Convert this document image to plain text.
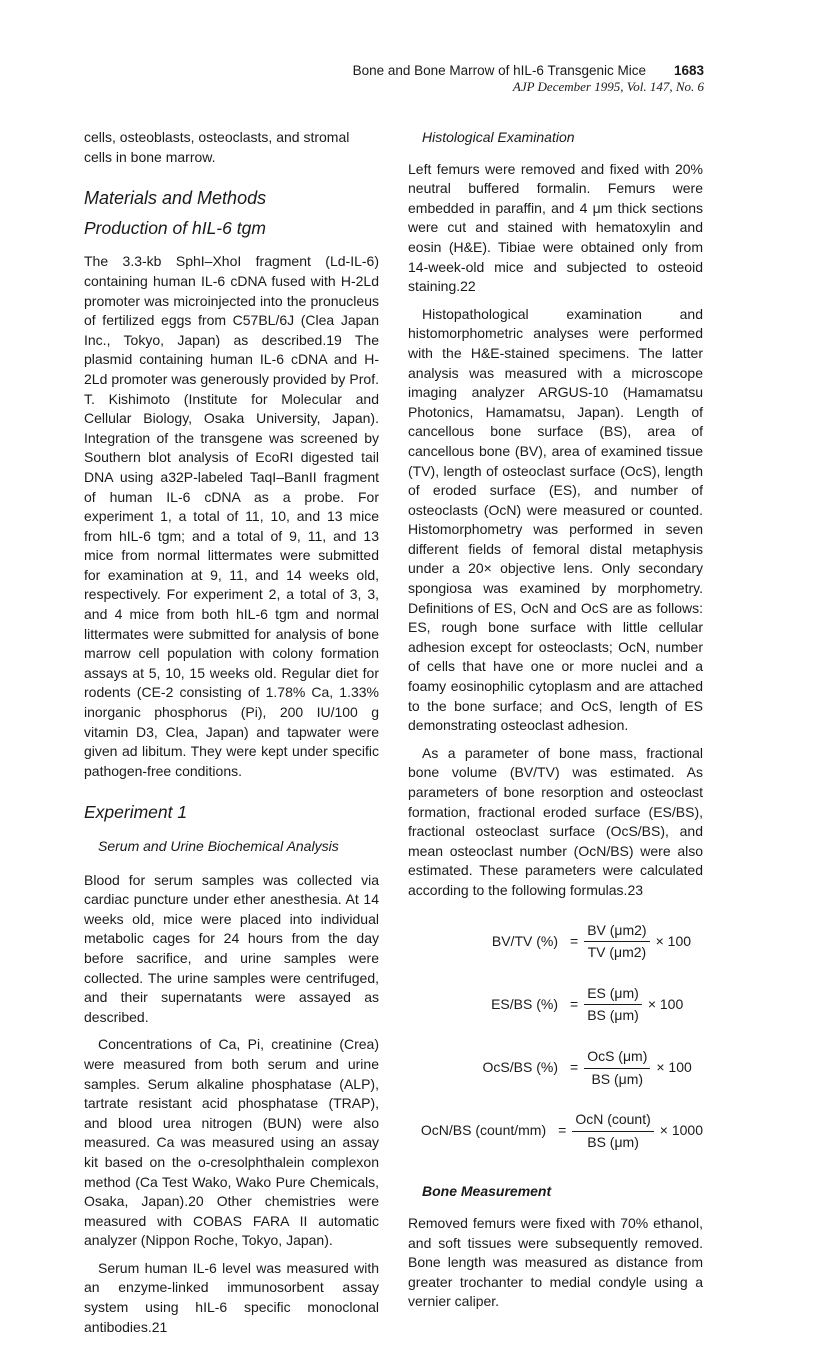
Bone and Bone Marrow of hIL-6 Transgenic Mice 1683
AJP December 1995, Vol. 147, No. 6

cells, osteoblasts, osteoclasts, and stromal cells in bone marrow.

Materials and Methods
Production of hIL-6 tgm

The 3.3-kb SphI–XhoI fragment (Ld-IL-6) containing human IL-6 cDNA fused with H-2Ld promoter was microinjected into the pronucleus of fertilized eggs from C57BL/6J (Clea Japan Inc., Tokyo, Japan) as described.19 The plasmid containing human IL-6 cDNA and H-2Ld promoter was generously provided by Prof. T. Kishimoto (Institute for Molecular and Cellular Biology, Osaka University, Japan). Integration of the transgene was screened by Southern blot analysis of EcoRI digested tail DNA using a32P-labeled TaqI–BanII fragment of human IL-6 cDNA as a probe. For experiment 1, a total of 11, 10, and 13 mice from hIL-6 tgm; and a total of 9, 11, and 13 mice from normal littermates were submitted for examination at 9, 11, and 14 weeks old, respectively. For experiment 2, a total of 3, 3, and 4 mice from both hIL-6 tgm and normal littermates were submitted for analysis of bone marrow cell population with colony formation assays at 5, 10, 15 weeks old. Regular diet for rodents (CE-2 consisting of 1.78% Ca, 1.33% inorganic phosphorus (Pi), 200 IU/100 g vitamin D3, Clea, Japan) and tapwater were given ad libitum. They were kept under specific pathogen-free conditions.

Experiment 1
Serum and Urine Biochemical Analysis

Blood for serum samples was collected via cardiac puncture under ether anesthesia. At 14 weeks old, mice were placed into individual metabolic cages for 24 hours from the day before sacrifice, and urine samples were collected. The urine samples were centrifuged, and their supernatants were assayed as described.

Concentrations of Ca, Pi, creatinine (Crea) were measured from both serum and urine samples. Serum alkaline phosphatase (ALP), tartrate resistant acid phosphatase (TRAP), and blood urea nitrogen (BUN) were also measured. Ca was measured using an assay kit based on the o-cresolphthalein complexon method (Ca Test Wako, Wako Pure Chemicals, Osaka, Japan).20 Other chemistries were measured with COBAS FARA II automatic analyzer (Nippon Roche, Tokyo, Japan).

Serum human IL-6 level was measured with an enzyme-linked immunosorbent assay system using hIL-6 specific monoclonal antibodies.21

Histological Examination

Left femurs were removed and fixed with 20% neutral buffered formalin. Femurs were embedded in paraffin, and 4 μm thick sections were cut and stained with hematoxylin and eosin (H&E). Tibiae were obtained only from 14-week-old mice and subjected to osteoid staining.22

Histopathological examination and histomorphometric analyses were performed with the H&E-stained specimens. The latter analysis was measured with a microscope imaging analyzer ARGUS-10 (Hamamatsu Photonics, Hamamatsu, Japan). Length of cancellous bone surface (BS), area of cancellous bone (BV), area of examined tissue (TV), length of osteoclast surface (OcS), length of eroded surface (ES), and number of osteoclasts (OcN) were measured or counted. Histomorphometry was performed in seven different fields of femoral distal metaphysis under a 20× objective lens. Only secondary spongiosa was examined by morphometry. Definitions of ES, OcN and OcS are as follows: ES, rough bone surface with little cellular adhesion except for osteoclasts; OcN, number of cells that have one or more nuclei and a foamy eosinophilic cytoplasm and are attached to the bone surface; and OcS, length of ES demonstrating osteoclast adhesion.

As a parameter of bone mass, fractional bone volume (BV/TV) was estimated. As parameters of bone resorption and osteoclast formation, fractional eroded surface (ES/BS), fractional osteoclast surface (OcS/BS), and mean osteoclast number (OcN/BS) were also estimated. These parameters were calculated according to the following formulas.23

BV/TV (%) = $\frac{BV (\mu m2)}{TV (\mu m2)} \times 100$
ES/BS (%) = $\frac{ES (\mu m)}{BS (\mu m)} \times 100$
OcS/BS (%) = $\frac{\text{OcS (μm)}}{BS (\mu m)} \times 100$
OcN/BS (count/mm) = $\frac{\text{OcN (count)}}{BS (\mu m)} \times 1000$
Bone Measurement

Removed femurs were fixed with 70% ethanol, and soft tissues were subsequently removed. Bone length was measured as distance from greater trochanter to medial condyle using a vernier caliper.
